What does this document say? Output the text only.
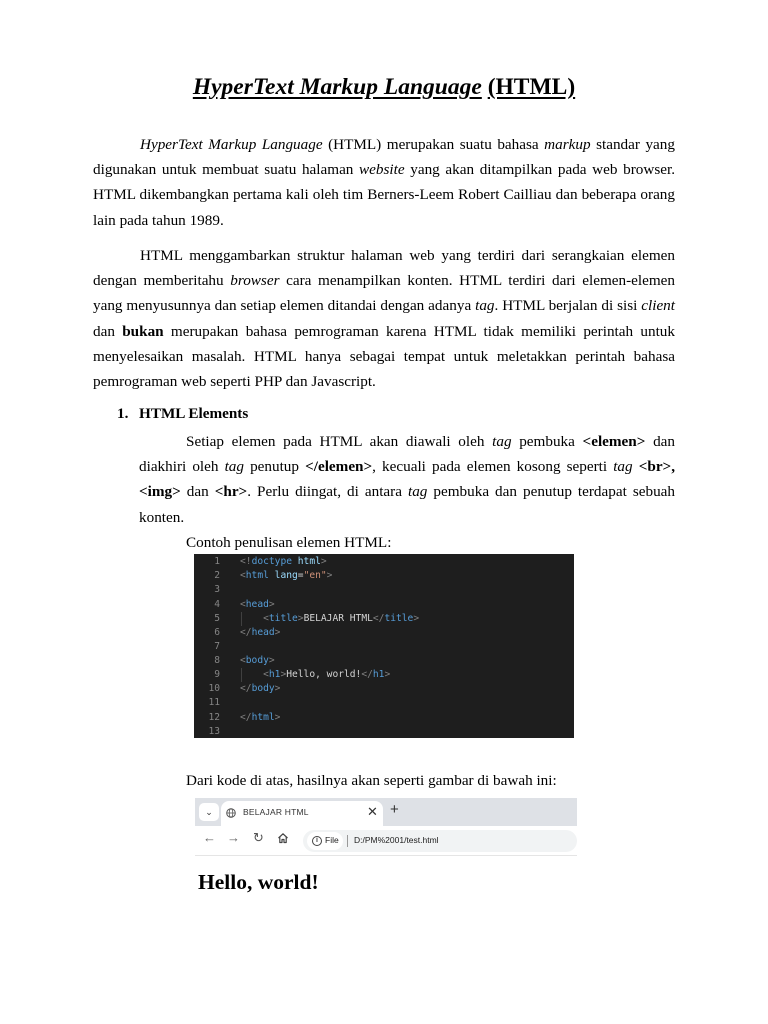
HyperText Markup Language (HTML)
HyperText Markup Language (HTML) merupakan suatu bahasa markup standar yang digunakan untuk membuat suatu halaman website yang akan ditampilkan pada web browser. HTML dikembangkan pertama kali oleh tim Berners-Leem Robert Cailliau dan beberapa orang lain pada tahun 1989.
HTML menggambarkan struktur halaman web yang terdiri dari serangkaian elemen dengan memberitahu browser cara menampilkan konten. HTML terdiri dari elemen-elemen yang menyusunnya dan setiap elemen ditandai dengan adanya tag. HTML berjalan di sisi client dan bukan merupakan bahasa pemrograman karena HTML tidak memiliki perintah untuk menyelesaikan masalah. HTML hanya sebagai tempat untuk meletakkan perintah bahasa pemrograman web seperti PHP dan Javascript.
1. HTML Elements
Setiap elemen pada HTML akan diawali oleh tag pembuka <elemen> dan diakhiri oleh tag penutup </elemen>, kecuali pada elemen kosong seperti tag <br>, <img> dan <hr>. Perlu diingat, di antara tag pembuka dan penutup terdapat sebuah konten.
Contoh penulisan elemen HTML:
1 <!doctype html>
2 <html lang="en">
3
4 <head>
5	<title>BELAJAR HTML</title>
6 </head>
7
8 <body>
9	<h1>Hello, world!</h1>
10 </body>
11
12 </html>
13
Dari kode di atas, hasilnya akan seperti gambar di bawah ini:
⌄	BELAJAR HTML	✕ +
← → ↻	i File D:/PM%2001/test.html
Hello, world!
